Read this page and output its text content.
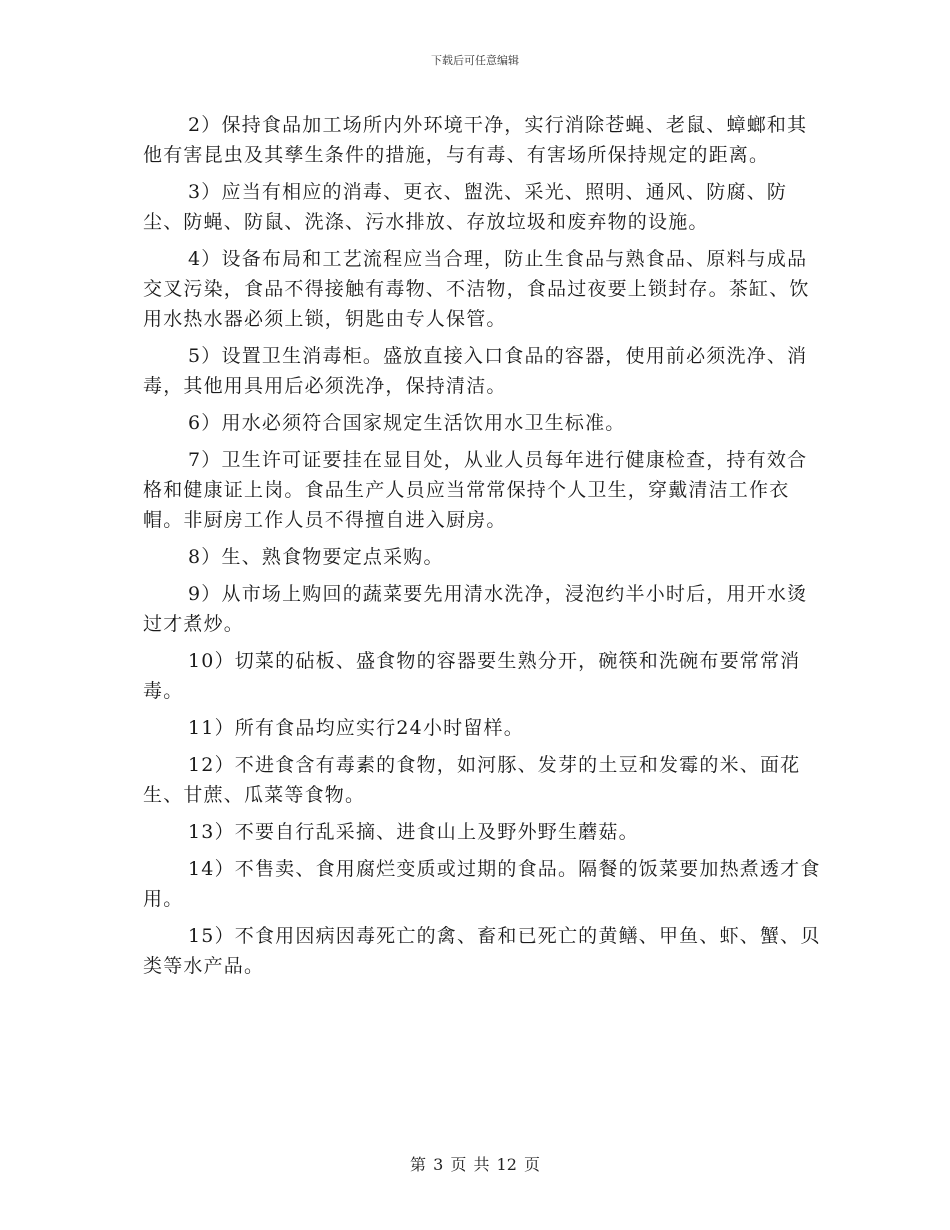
下载后可任意编辑

2）保持食品加工场所内外环境干净，实行消除苍蝇、老鼠、蟑螂和其他有害昆虫及其孳生条件的措施，与有毒、有害场所保持规定的距离。

3）应当有相应的消毒、更衣、盥洗、采光、照明、通风、防腐、防尘、防蝇、防鼠、洗涤、污水排放、存放垃圾和废弃物的设施。

4）设备布局和工艺流程应当合理，防止生食品与熟食品、原料与成品交叉污染，食品不得接触有毒物、不洁物，食品过夜要上锁封存。茶缸、饮用水热水器必须上锁，钥匙由专人保管。

5）设置卫生消毒柜。盛放直接入口食品的容器，使用前必须洗净、消毒，其他用具用后必须洗净，保持清洁。

6）用水必须符合国家规定生活饮用水卫生标准。

7）卫生许可证要挂在显目处，从业人员每年进行健康检查，持有效合格和健康证上岗。食品生产人员应当常常保持个人卫生，穿戴清洁工作衣帽。非厨房工作人员不得擅自进入厨房。

8）生、熟食物要定点采购。

9）从市场上购回的蔬菜要先用清水洗净，浸泡约半小时后，用开水烫过才煮炒。

10）切菜的砧板、盛食物的容器要生熟分开，碗筷和洗碗布要常常消毒。

11）所有食品均应实行24小时留样。

12）不进食含有毒素的食物，如河豚、发芽的土豆和发霉的米、面花生、甘蔗、瓜菜等食物。

13）不要自行乱采摘、进食山上及野外野生蘑菇。

14）不售卖、食用腐烂变质或过期的食品。隔餐的饭菜要加热煮透才食用。

15）不食用因病因毒死亡的禽、畜和已死亡的黄鳝、甲鱼、虾、蟹、贝类等水产品。

第 3 页 共 12 页
